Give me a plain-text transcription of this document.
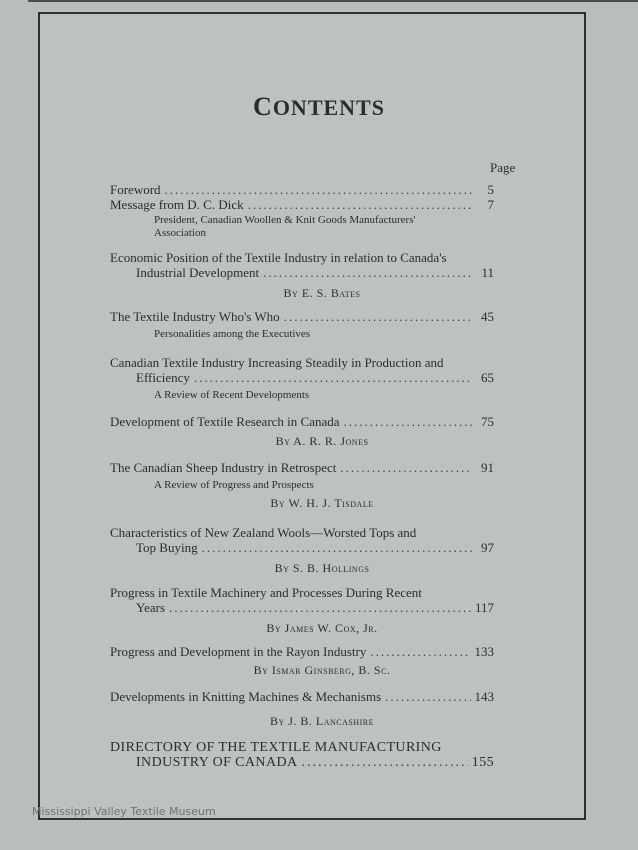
CONTENTS
Page
Foreword .....	5
Message from D. C. Dick .....	7
President, Canadian Woollen & Knit Goods Manufacturers'
Association
Economic Position of the Textile Industry in relation to Canada's
Industrial Development .....	11
By E. S. Bates
The Textile Industry Who's Who .....	45
Personalities among the Executives
Canadian Textile Industry Increasing Steadily in Production and
Efficiency .....	65
A Review of Recent Developments
Development of Textile Research in Canada .....	75
By A. R. R. Jones
The Canadian Sheep Industry in Retrospect .....	91
A Review of Progress and Prospects
By W. H. J. Tisdale
Characteristics of New Zealand Wools—Worsted Tops and
Top Buying .....	97
By S. B. Hollings
Progress in Textile Machinery and Processes During Recent
Years .....	117
By James W. Cox, Jr.
Progress and Development in the Rayon Industry .....	133
By Ismar Ginsberg, B. Sc.
Developments in Knitting Machines & Mechanisms .....	143
By J. B. Lancashire
DIRECTORY OF THE TEXTILE MANUFACTURING
INDUSTRY OF CANADA .....	155
Mississippi Valley Textile Museum
